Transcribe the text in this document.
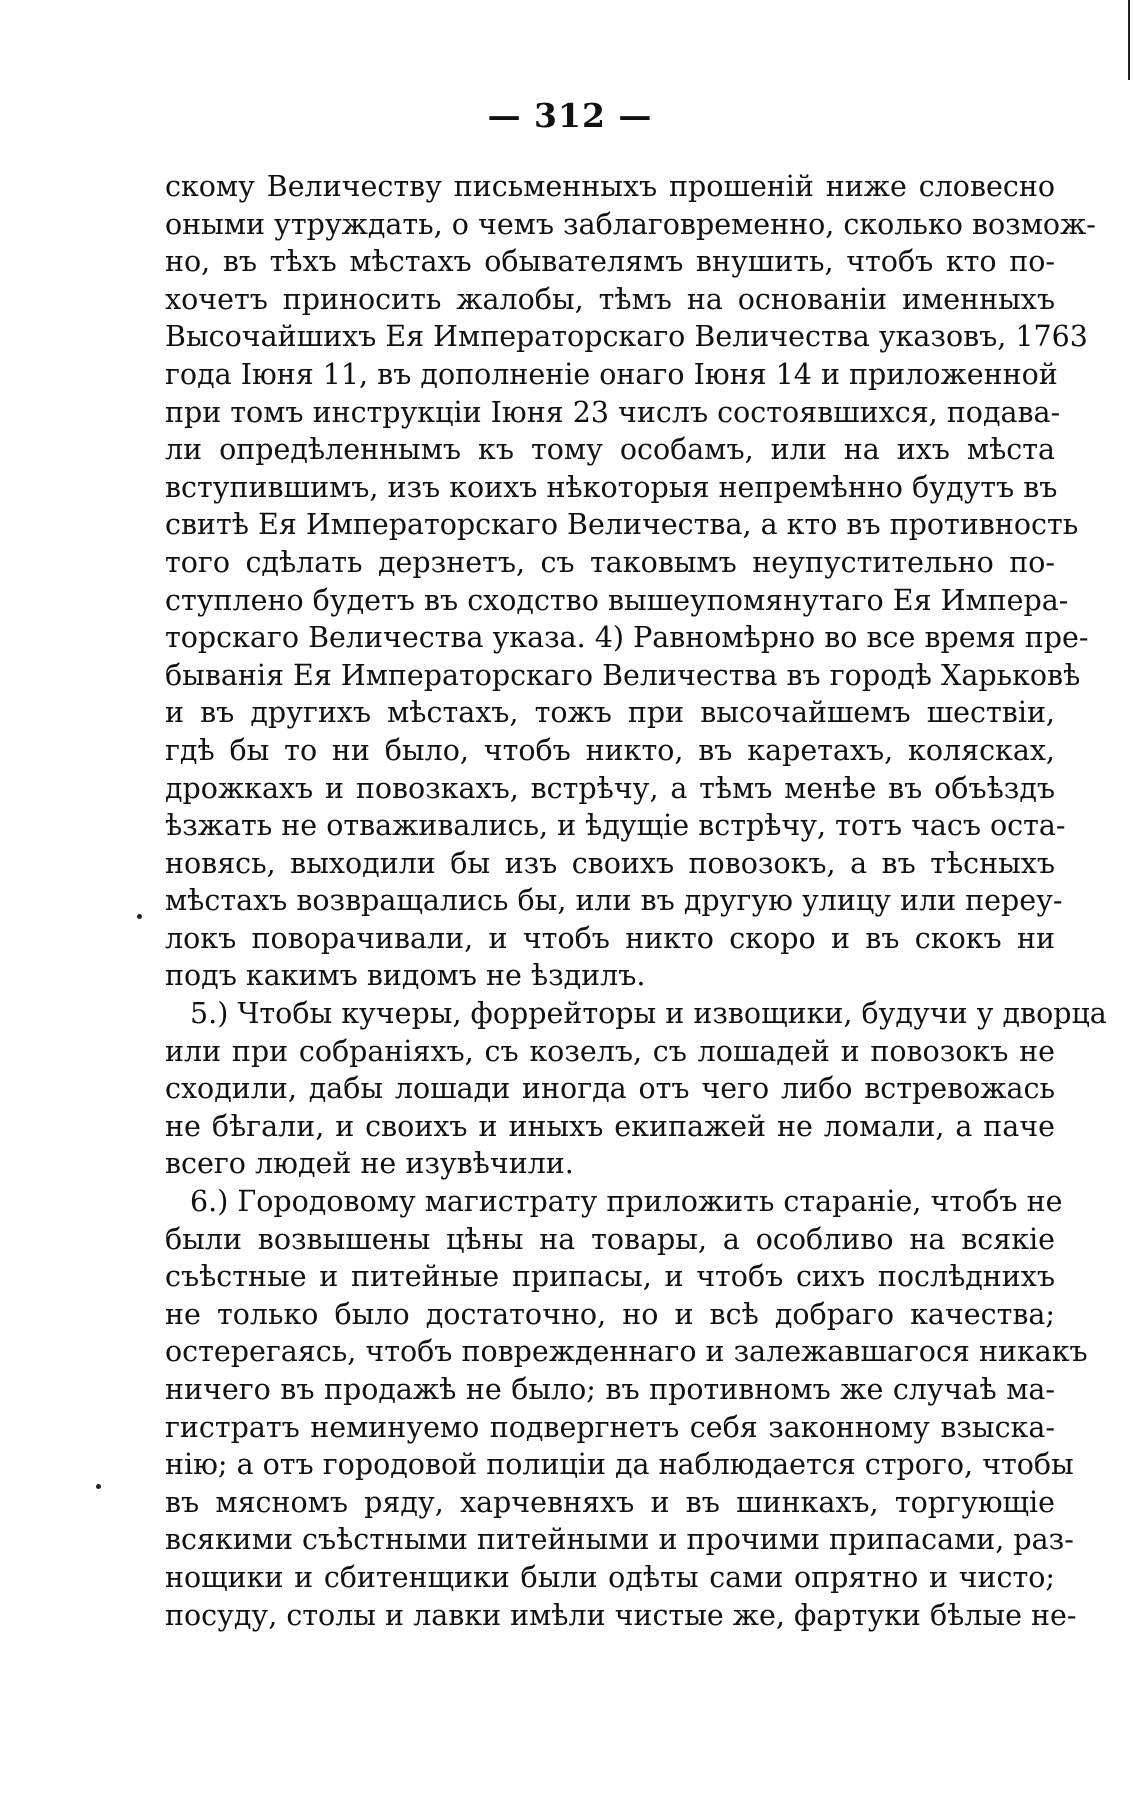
— 312 —
скому Величеству письменныхъ прошеній ниже словесно
оными утруждать, о чемъ заблаговременно, сколько возмож-
но, въ тѣхъ мѣстахъ обывателямъ внушить, чтобъ кто по-
хочетъ приносить жалобы, тѣмъ на основаніи именныхъ
Высочайшихъ Ея Императорскаго Величества указовъ, 1763
года Іюня 11, въ дополненіе онаго Іюня 14 и приложенной
при томъ инструкціи Іюня 23 числъ состоявшихся, подава-
ли опредѣленнымъ къ тому особамъ, или на ихъ мѣста
вступившимъ, изъ коихъ нѣкоторыя непремѣнно будутъ въ
свитѣ Ея Императорскаго Величества, а кто въ противность
того сдѣлать дерзнетъ, съ таковымъ неупустительно по-
ступлено будетъ въ сходство вышеупомянутаго Ея Импера-
торскаго Величества указа. 4) Равномѣрно во все время пре-
быванія Ея Императорскаго Величества въ городѣ Харьковѣ
и въ другихъ мѣстахъ, тожъ при высочайшемъ шествіи,
гдѣ бы то ни было, чтобъ никто, въ каретахъ, колясках,
дрожкахъ и повозкахъ, встрѣчу, а тѣмъ менѣе въ объѣздъ
ѣзжать не отваживались, и ѣдущіе встрѣчу, тотъ часъ оста-
новясь, выходили бы изъ своихъ повозокъ, а въ тѣсныхъ
мѣстахъ возвращались бы, или въ другую улицу или переу-
локъ поворачивали, и чтобъ никто скоро и въ скокъ ни
подъ какимъ видомъ не ѣздилъ.
5.) Чтобы кучеры, форрейторы и извощики, будучи у дворца
или при собраніяхъ, съ козелъ, съ лошадей и повозокъ не
сходили, дабы лошади иногда отъ чего либо встревожась
не бѣгали, и своихъ и иныхъ екипажей не ломали, а паче
всего людей не изувѣчили.
6.) Городовому магистрату приложить стараніе, чтобъ не
были возвышены цѣны на товары, а особливо на всякіе
съѣстные и питейные припасы, и чтобъ сихъ послѣднихъ
не только было достаточно, но и всѣ добраго качества;
остерегаясь, чтобъ поврежденнаго и залежавшагося никакъ
ничего въ продажѣ не было; въ противномъ же случаѣ ма-
гистратъ неминуемо подвергнетъ себя законному взыска-
нію; а отъ городовой полиціи да наблюдается строго, чтобы
въ мясномъ ряду, харчевняхъ и въ шинкахъ, торгующіе
всякими съѣстными питейными и прочими припасами, раз-
нощики и сбитенщики были одѣты сами опрятно и чисто;
посуду, столы и лавки имѣли чистые же, фартуки бѣлые не-
